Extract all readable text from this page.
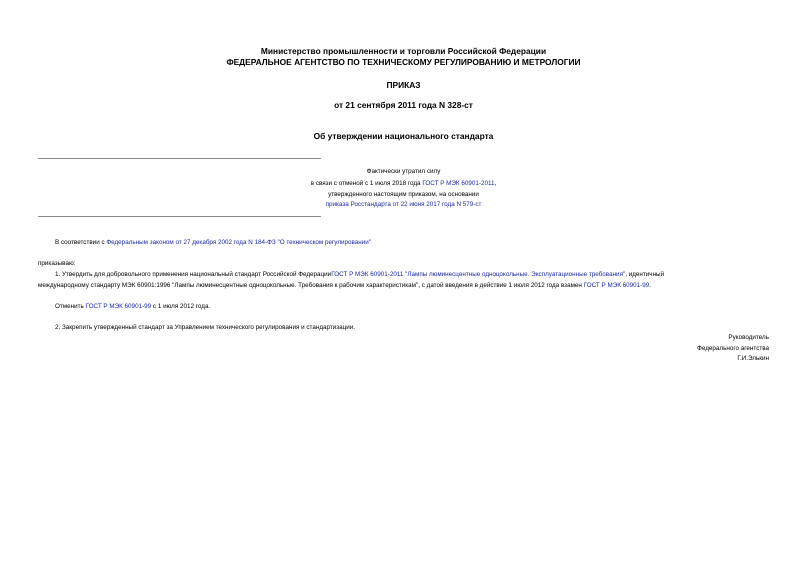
Министерство промышленности и торговли Российской Федерации
ФЕДЕРАЛЬНОЕ АГЕНТСТВО ПО ТЕХНИЧЕСКОМУ РЕГУЛИРОВАНИЮ И МЕТРОЛОГИИ
ПРИКАЗ
от 21 сентября 2011 года N 328-ст
Об утверждении национального стандарта
Фактически утратил силу
в связи с отменой с 1 июля 2018 года ГОСТ Р МЭК 60901-2011,
утвержденного настоящим приказом, на основании
приказа Росстандарта от 22 июня 2017 года N 579-ст
В соответствии с Федеральным законом от 27 декабря 2002 года N 184-ФЗ "О техническом регулировании"
приказываю:
1. Утвердить для добровольного применения национальный стандарт Российской ФедерацииГОСТ Р МЭК 60901-2011 "Лампы люминесцентные одноцокольные. Эксплуатационные требования", идентичный
международному стандарту МЭК 60901:1996 "Лампы люминесцентные одноцокольные. Требования к рабочим характеристикам", с датой введения в действие 1 июля 2012 года взамен ГОСТ Р МЭК 60901-99.
Отменить ГОСТ Р МЭК 60901-99 с 1 июля 2012 года.
2. Закрепить утвержденный стандарт за Управлением технического регулирования и стандартизации.
Руководитель
Федерального агентства
Г.И.Элькин
